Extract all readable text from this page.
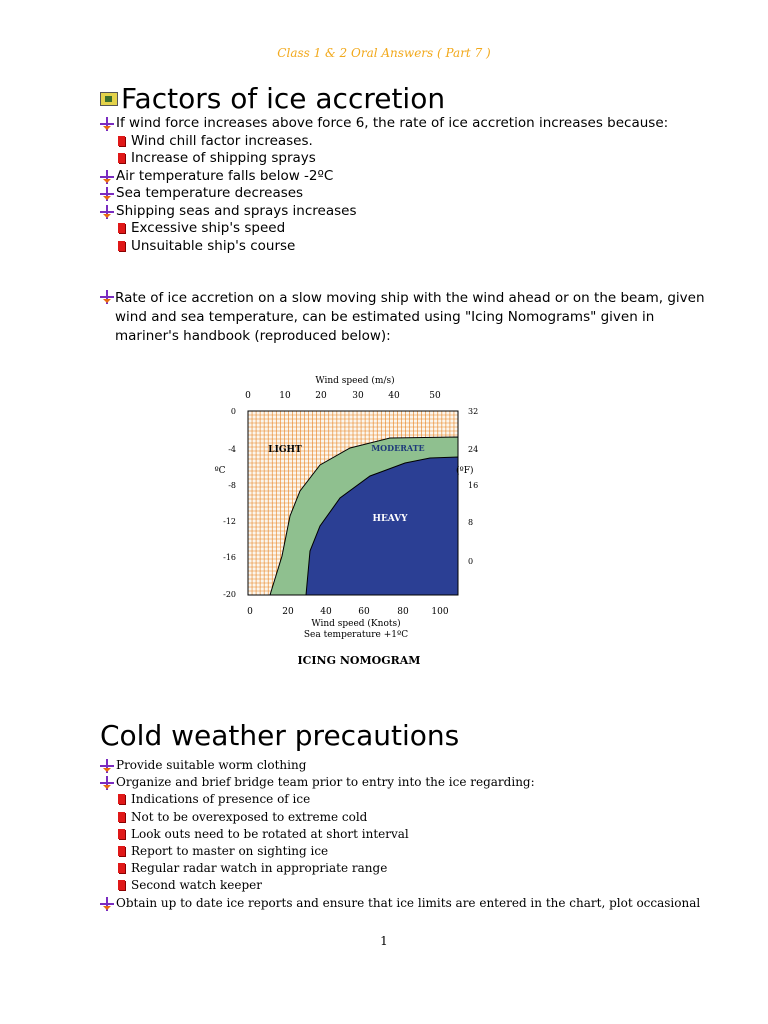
Class 1 & 2 Oral Answers ( Part 7 )
Factors of ice accretion
If wind force increases above force 6, the rate of ice accretion increases because:
Wind chill factor increases.
Increase of shipping sprays
Air temperature falls below -2ºC
Sea temperature decreases
Shipping seas and sprays increases
Excessive ship's speed
Unsuitable ship's course
Rate of ice accretion on a slow moving ship with the wind ahead or on the beam, given wind and sea temperature, can be estimated using "Icing Nomograms" given in mariner's handbook (reproduced below):
Wind speed (m/s)
0	10	20	30	40	50
0
-4
-8
-12
-16
-20
ºC
32
24
16
8
0
(ºF)
0	20	40	60	80	100
Wind speed (Knots)
Sea temperature +1ºC
LIGHT	MODERATE
HEAVY
ICING NOMOGRAM
Cold weather precautions
Provide suitable worm clothing
Organize and brief bridge team prior to entry into the ice regarding:
Indications of presence of ice
Not to be overexposed to extreme cold
Look outs need to be rotated at short interval
Report to master on sighting ice
Regular radar watch in appropriate range
Second watch keeper
Obtain up to date ice reports and ensure that ice limits are entered in the chart, plot occasional
1
